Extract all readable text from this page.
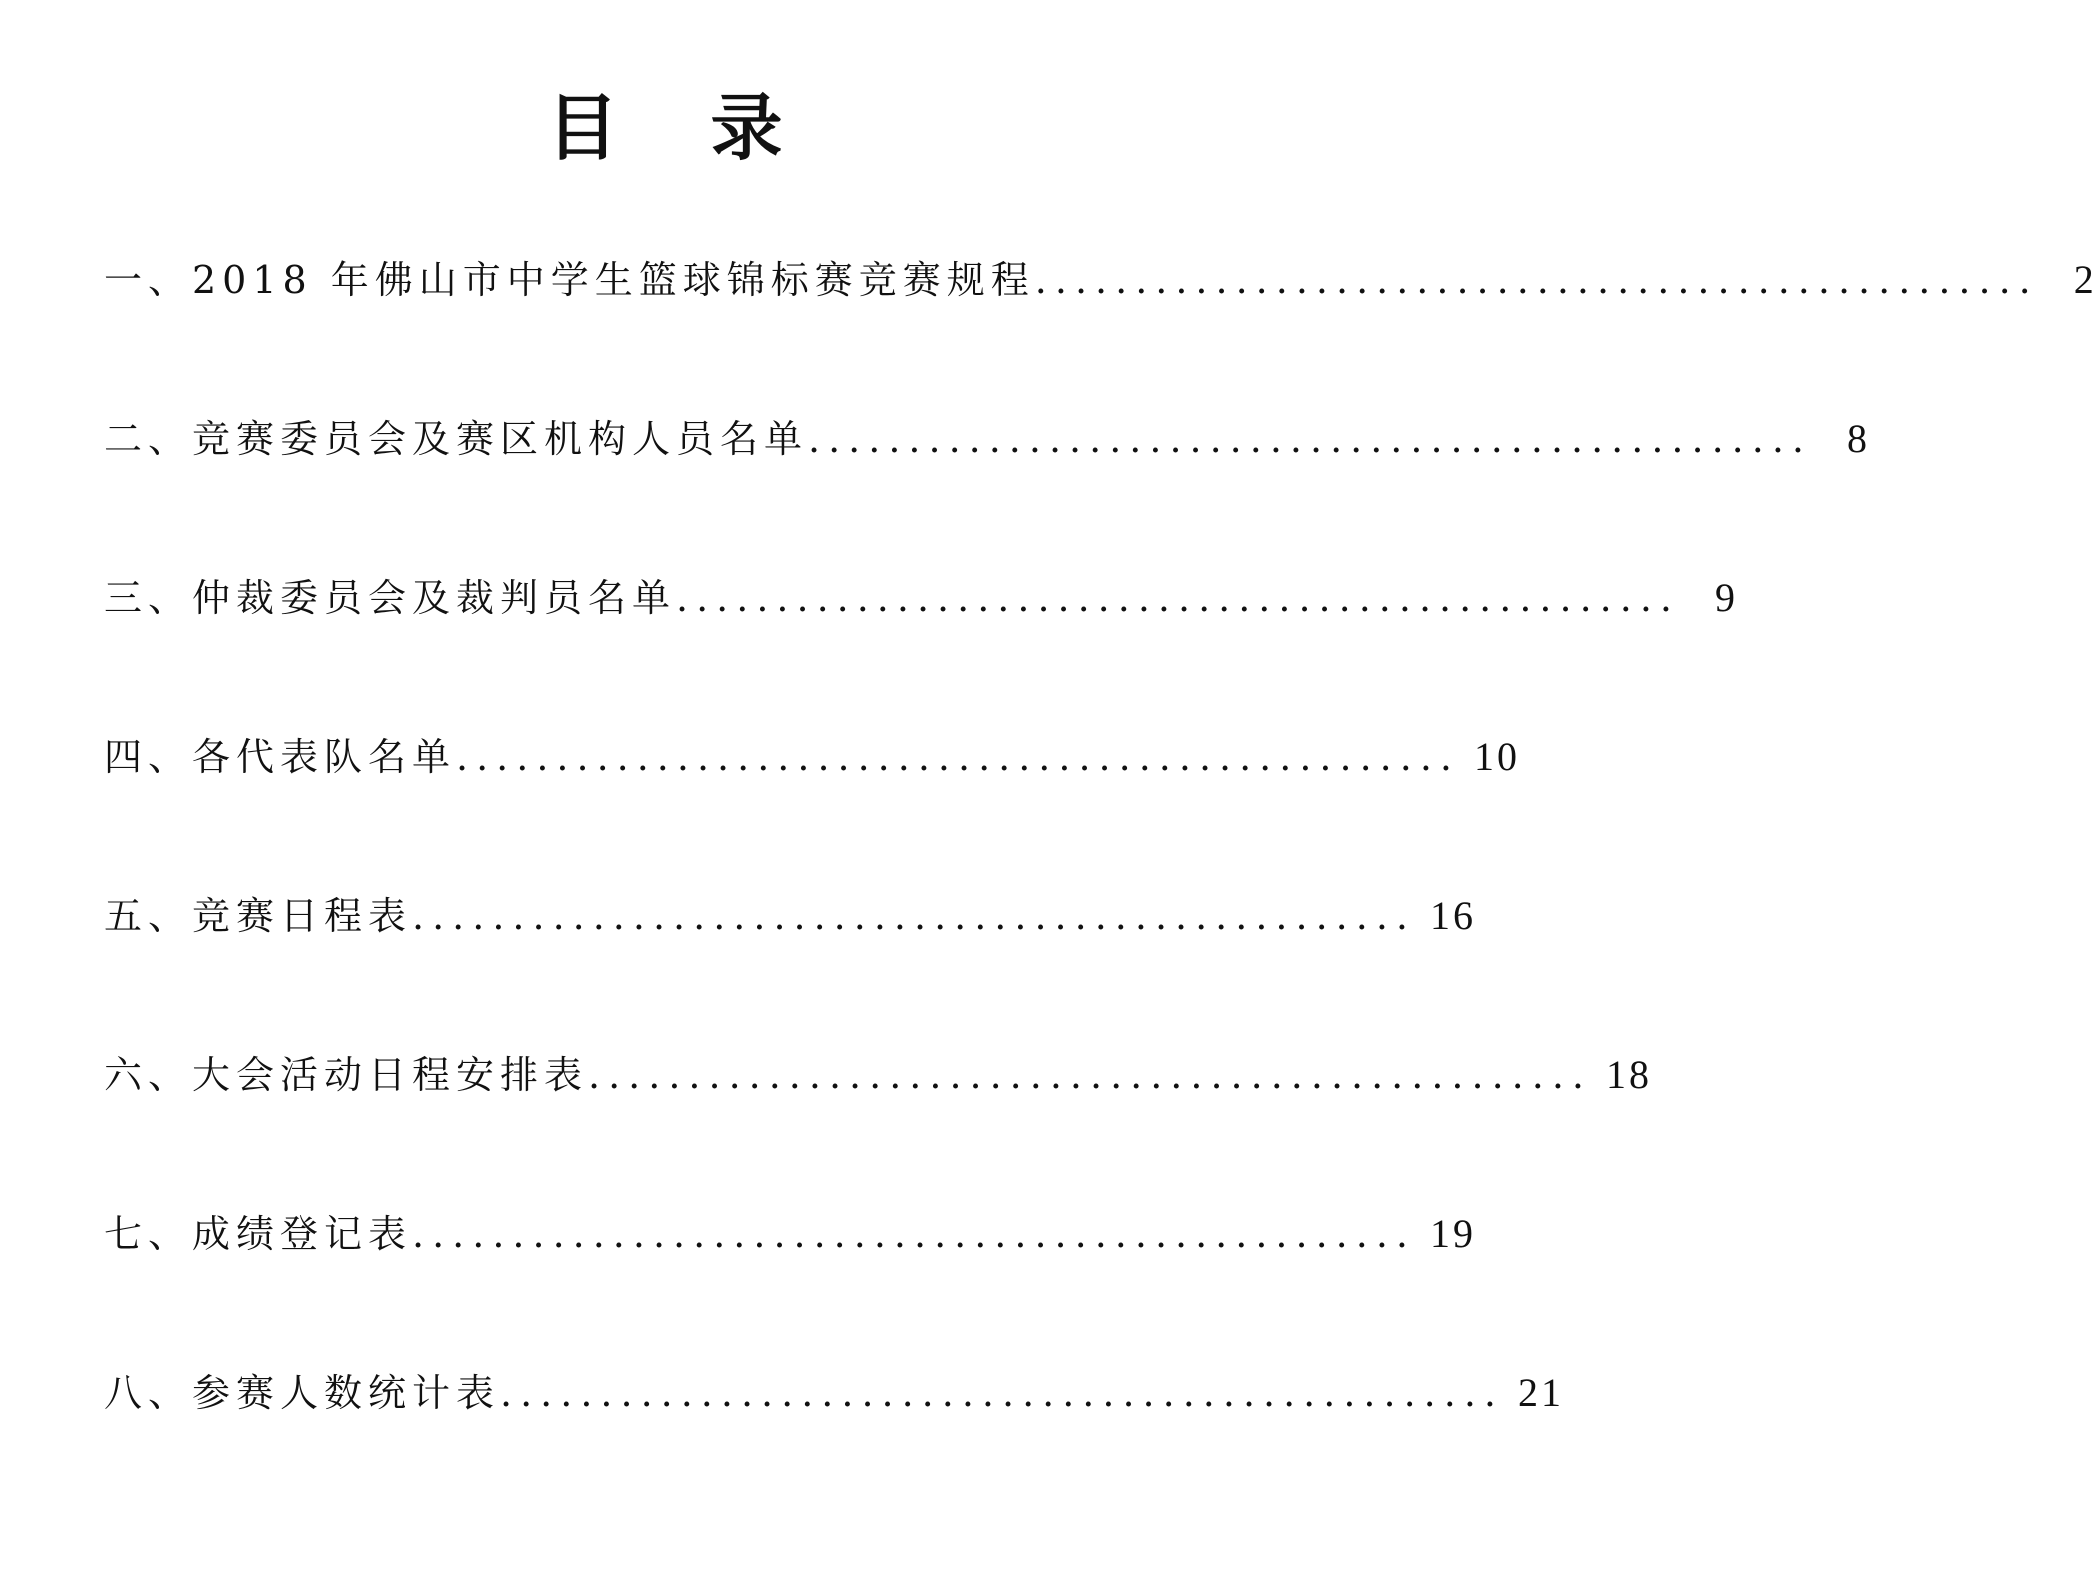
目 录
一、2018 年佛山市中学生篮球锦标赛竞赛规程 .................................................. 2
二、竞赛委员会及赛区机构人员名单 .................................................. 8
三、仲裁委员会及裁判员名单 .................................................. 9
四、各代表队名单 .................................................. 10
五、竞赛日程表 .................................................. 16
六、大会活动日程安排表 .................................................. 18
七、成绩登记表 .................................................. 19
八、参赛人数统计表 .................................................. 21
